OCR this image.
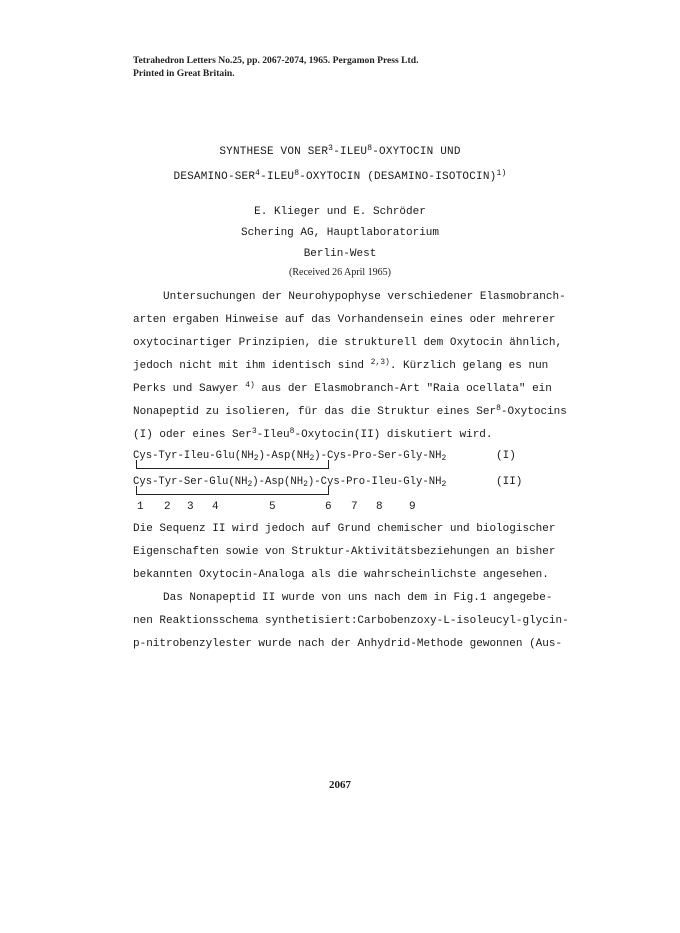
Tetrahedron Letters No.25, pp. 2067-2074, 1965. Pergamon Press Ltd.
Printed in Great Britain.
SYNTHESE VON SER$^3$-ILEU$^8$-OXYTOCIN UND
DESAMINO-SER$^4$-ILEU$^8$-OXYTOCIN (DESAMINO-ISOTOCIN)$^{1)}$
E. Klieger und E. Schröder
Schering AG, Hauptlaboratorium
Berlin-West
(Received 26 April 1965)
Untersuchungen der Neurohypophyse verschiedener Elasmobranch-
arten ergaben Hinweise auf das Vorhandensein eines oder mehrerer
oxytocinartiger Prinzipien, die strukturell dem Oxytocin ähnlich,
jedoch nicht mit ihm identisch sind $^{2,3)}$. Kürzlich gelang es nun
Perks und Sawyer $^{4)}$ aus der Elasmobranch-Art "Raia ocellata" ein
Nonapeptid zu isolieren, für das die Struktur eines Ser$^8$-Oxytocins
(I) oder eines Ser$^3$-Ileu$^8$-Oxytocin(II) diskutiert wird.
Cys-$Tyr-Ileu-Glu(NH_2)-Asp(NH_2)-Cys-Pro-Ser-Gly-NH_2$	(I)
Cys-$Tyr-Ser-Glu(NH_2)-Asp(NH_2)-Cys-Pro-Ileu-Gly-NH_2$	(II)
1 2 3 4	5	6 7 8 9
Die Sequenz II wird jedoch auf Grund chemischer und biologischer
Eigenschaften sowie von Struktur-Aktivitätsbeziehungen an bisher
bekannten Oxytocin-Analoga als die wahrscheinlichste angesehen.
Das Nonapeptid II wurde von uns nach dem in Fig.1 angegebe-
nen Reaktionsschema synthetisiert:Carbobenzoxy-L-isoleucyl-glycin-
p-nitrobenzylester wurde nach der Anhydrid-Methode gewonnen (Aus-
2067
